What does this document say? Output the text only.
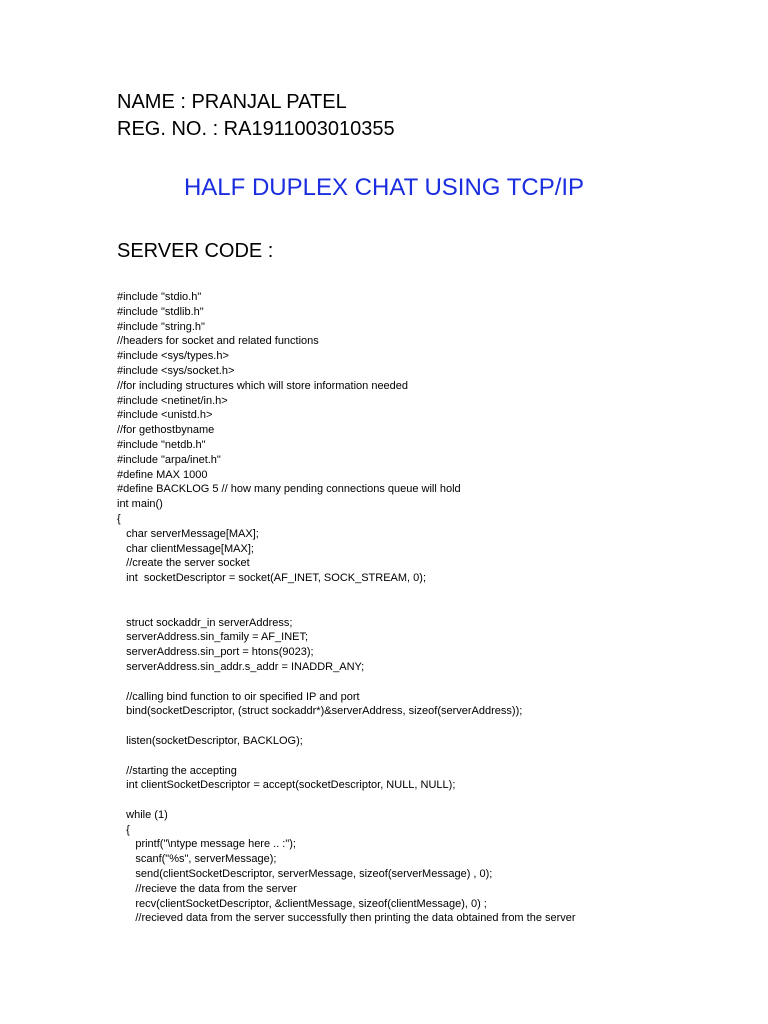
NAME : PRANJAL PATEL
REG. NO. : RA1911003010355
HALF DUPLEX CHAT USING TCP/IP
SERVER CODE :
#include "stdio.h"
#include "stdlib.h"
#include "string.h"
//headers for socket and related functions
#include <sys/types.h>
#include <sys/socket.h>
//for including structures which will store information needed
#include <netinet/in.h>
#include <unistd.h>
//for gethostbyname
#include "netdb.h"
#include "arpa/inet.h"
#define MAX 1000
#define BACKLOG 5 // how many pending connections queue will hold
int main()
{
char serverMessage[MAX];
char clientMessage[MAX];
//create the server socket
int  socketDescriptor = socket(AF_INET, SOCK_STREAM, 0);
struct sockaddr_in serverAddress;
serverAddress.sin_family = AF_INET;
serverAddress.sin_port = htons(9023);
serverAddress.sin_addr.s_addr = INADDR_ANY;
//calling bind function to oir specified IP and port
bind(socketDescriptor, (struct sockaddr*)&serverAddress, sizeof(serverAddress));
listen(socketDescriptor, BACKLOG);
//starting the accepting
int clientSocketDescriptor = accept(socketDescriptor, NULL, NULL);
while (1)
{
printf("\ntype message here .. :");
scanf("%s", serverMessage);
send(clientSocketDescriptor, serverMessage, sizeof(serverMessage) , 0);
//recieve the data from the server
recv(clientSocketDescriptor, &clientMessage, sizeof(clientMessage), 0) ;
//recieved data from the server successfully then printing the data obtained from the server
